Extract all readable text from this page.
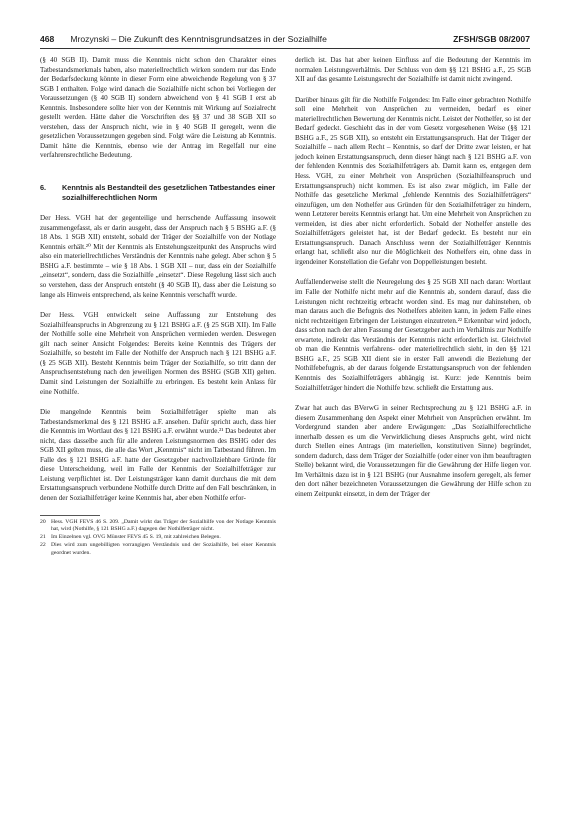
468 Mrozynski – Die Zukunft des Kenntnisgrundsatzes in der Sozialhilfe	ZFSH/SGB 08/2007

(§ 40 SGB II). Damit muss die Kenntnis nicht schon den Charakter eines Tatbestandsmerkmals haben, also materiellrechtlich wirken sondern nur das Ende der Bedarfsdeckung könnte in dieser Form eine abweichende Regelung von § 37 SGB I enthalten. Folge wird danach die Sozialhilfe nicht schon bei Vorliegen der Voraussetzungen (§ 40 SGB II) sondern abweichend von § 41 SGB I erst ab Kenntnis. Insbesondere sollte hier von der Kenntnis mit Wirkung auf Sozialrecht gestellt werden. Hätte daher die Vorschriften des §§ 37 und 38 SGB XII so verstehen, dass der Anspruch nicht, wie in § 40 SGB II geregelt, wenn die gesetzlichen Voraussetzungen gegeben sind. Folgt wäre die Leistung ab Kenntnis. Damit hätte die Kenntnis, ebenso wie der Antrag im Regelfall nur eine verfahrensrechtliche Bedeutung.

6.	Kenntnis als Bestandteil des gesetzlichen Tatbestandes einer sozialhilferechtlichen Norm

Der Hess. VGH hat der gegenteilige und herrschende Auffassung insoweit zusammengefasst, als er darin ausgeht, dass der Anspruch nach § 5 BSHG a.F. (§ 18 Abs. 1 SGB XII) entsteht, sobald der Träger der Sozialhilfe von der Notlage Kenntnis erhält.²⁰ Mit der Kenntnis als Entstehungszeitpunkt des Anspruchs wird also ein materiellrechtliches Verständnis der Kenntnis nahe gelegt. Aber schon § 5 BSHG a.F. bestimmte – wie § 18 Abs. 1 SGB XII – nur, dass ein der Sozialhilfe „einsetzt“, sondern, dass die Sozialhilfe „einsetzt“. Diese Regelung lässt sich auch so verstehen, dass der Anspruch entsteht (§ 40 SGB II), dass aber die Leistung so lange als Hinweis entsprechend, als keine Kenntnis verschafft wurde.

Der Hess. VGH entwickelt seine Auffassung zur Entstehung des Sozialhilfeanspruchs in Abgrenzung zu § 121 BSHG a.F. (§ 25 SGB XII). Im Falle der Nothilfe solle eine Mehrheit von Ansprüchen vermieden werden. Deswegen gilt nach seiner Ansicht Folgendes: Bereits keine Kenntnis des Trägers der Sozialhilfe, so besteht im Falle der Nothilfe der Anspruch nach § 121 BSHG a.F. (§ 25 SGB XII). Besteht Kenntnis beim Träger der Sozialhilfe, so tritt dann der Anspruchsentstehung nach den jeweiligen Normen des BSHG (SGB XII) gelten. Damit sind Leistungen der Sozialhilfe zu erbringen. Es besteht kein Anlass für eine Nothilfe.

Die mangelnde Kenntnis beim Sozialhilfeträger spielte man als Tatbestandsmerkmal des § 121 BSHG a.F. ansehen. Dafür spricht auch, dass hier die Kenntnis im Wortlaut des § 121 BSHG a.F. erwähnt wurde.²¹ Das bedeutet aber nicht, dass dasselbe auch für alle anderen Leistungsnormen des BSHG oder des SGB XII gelten muss, die alle das Wort „Kenntnis“ nicht im Tatbestand führen. Im Falle des § 121 BSHG a.F. hatte der Gesetzgeber nachvollziehbare Gründe für diese Unterscheidung, weil im Falle der Kenntnis der Sozialhilfeträger zur Leistung verpflichtet ist. Der Leistungsträger kann damit durchaus die mit dem Erstattungsanspruch verbundene Nothilfe durch Dritte auf den Fall beschränken, in denen der Sozialhilfeträger keine Kenntnis hat, aber eben Nothilfe erfor-

20 Hess. VGH FEVS 46 S. 209. „Damit wirkt das Träger der Sozialhilfe von der Notlage Kenntnis hat, wird (Nothilfe, § 121 BSHG a.F.) dagegen der Nothilfeträger nicht.
21 Im Einzelnen vgl. OVG Münster FEVS 45 S. 19, mit zahlreichen Belegen.
22 Dies wird zum ungebilligten vorrangigen Verständnis und der Sozialhilfe, bei einer Kenntnis geordnet wurden.

derlich ist. Das hat aber keinen Einfluss auf die Bedeutung der Kenntnis im normalen Leistungsverhältnis. Der Schluss von dem §§ 121 BSHG a.F., 25 SGB XII auf das gesamte Leistungsrecht der Sozialhilfe ist damit nicht zwingend.

Darüber hinaus gilt für die Nothilfe Folgendes: Im Falle einer gebrachten Nothilfe soll eine Mehrheit von Ansprüchen zu vermeiden, bedarf es einer materiellrechtlichen Bewertung der Kenntnis nicht. Leistet der Nothelfer, so ist der Bedarf gedeckt. Geschieht das in der vom Gesetz vorgesehenen Weise (§§ 121 BSHG a.F., 25 SGB XII), so entsteht ein Erstattungsanspruch. Hat der Träger der Sozialhilfe – nach allem Recht – Kenntnis, so darf der Dritte zwar leisten, er hat jedoch keinen Erstattungsanspruch, denn dieser hängt nach § 121 BSHG a.F. von der fehlenden Kenntnis des Sozialhilfeträgers ab. Damit kann es, entgegen dem Hess. VGH, zu einer Mehrheit von Ansprüchen (Sozialhilfeanspruch und Erstattungsanspruch) nicht kommen. Es ist also zwar möglich, im Falle der Nothilfe das gesetzliche Merkmal „fehlende Kenntnis des Sozialhilfeträgers“ einzufügen, um den Nothelfer aus Gründen für den Sozialhilfeträger zu hindern, wenn Letzterer bereits Kenntnis erlangt hat. Um eine Mehrheit von Ansprüchen zu vermeiden, ist dies aber nicht erforderlich. Sobald der Nothelfer anstelle des Sozialhilfeträgers geleistet hat, ist der Bedarf gedeckt. Es besteht nur ein Erstattungsanspruch. Danach Anschluss wenn der Sozialhilfeträger Kenntnis erlangt hat, schließt also nur die Möglichkeit des Nothelfers ein, ohne dass in irgendeiner Konstellation die Gefahr von Doppelleistungen besteht.

Auffallenderweise stellt die Neuregelung des § 25 SGB XII nach daran: Wortlaut im Falle der Nothilfe nicht mehr auf die Kenntnis ab, sondern darauf, dass die Leistungen nicht rechtzeitig erbracht worden sind. Es mag nur dahinstehen, ob man daraus auch die Befugnis des Nothelfers ableiten kann, in jedem Falle eines nicht rechtzeitigen Erbringen der Leistungen einzutreten.²² Erkennbar wird jedoch, dass schon nach der alten Fassung der Gesetzgeber auch im Verhältnis zur Nothilfe erwartete, indirekt das Verständnis der Kenntnis nicht erforderlich ist. Gleichviel ob man die Kenntnis verfahrens- oder materiellrechtlich sieht, in den §§ 121 BSHG a.F., 25 SGB XII dient sie in erster Fall anwendi die Beziehung der Nothilfebefugnis, ab der daraus folgende Erstattungsanspruch von der fehlenden Kenntnis des Sozialhilfeträgers abhängig ist. Kurz: jede Kenntnis beim Sozialhilfeträger hindert die Nothilfe bzw. schließt die Erstattung aus.

Zwar hat auch das BVerwG in seiner Rechtsprechung zu § 121 BSHG a.F. in diesem Zusammenhang den Aspekt einer Mehrheit von Ansprüchen erwähnt. Im Vordergrund standen aber andere Erwägungen: „Das Sozialhilferechtliche innerhalb dessen es um die Verwirklichung dieses Anspruchs geht, wird nicht durch Stellen eines Antrags (im materiellen, konstitutiven Sinne) begründet, sondern dadurch, dass dem Träger der Sozialhilfe (oder einer von ihm beauftragten Stelle) bekannt wird, die Voraussetzungen für die Gewährung der Hilfe liegen vor. Im Verhältnis dazu ist in § 121 BSHG (nur Ausnahme insofern geregelt, als ferner den dort näher bezeichneten Voraussetzungen die Gewährung der Hilfe schon zu einem Zeitpunkt einsetzt, in dem der Träger der
